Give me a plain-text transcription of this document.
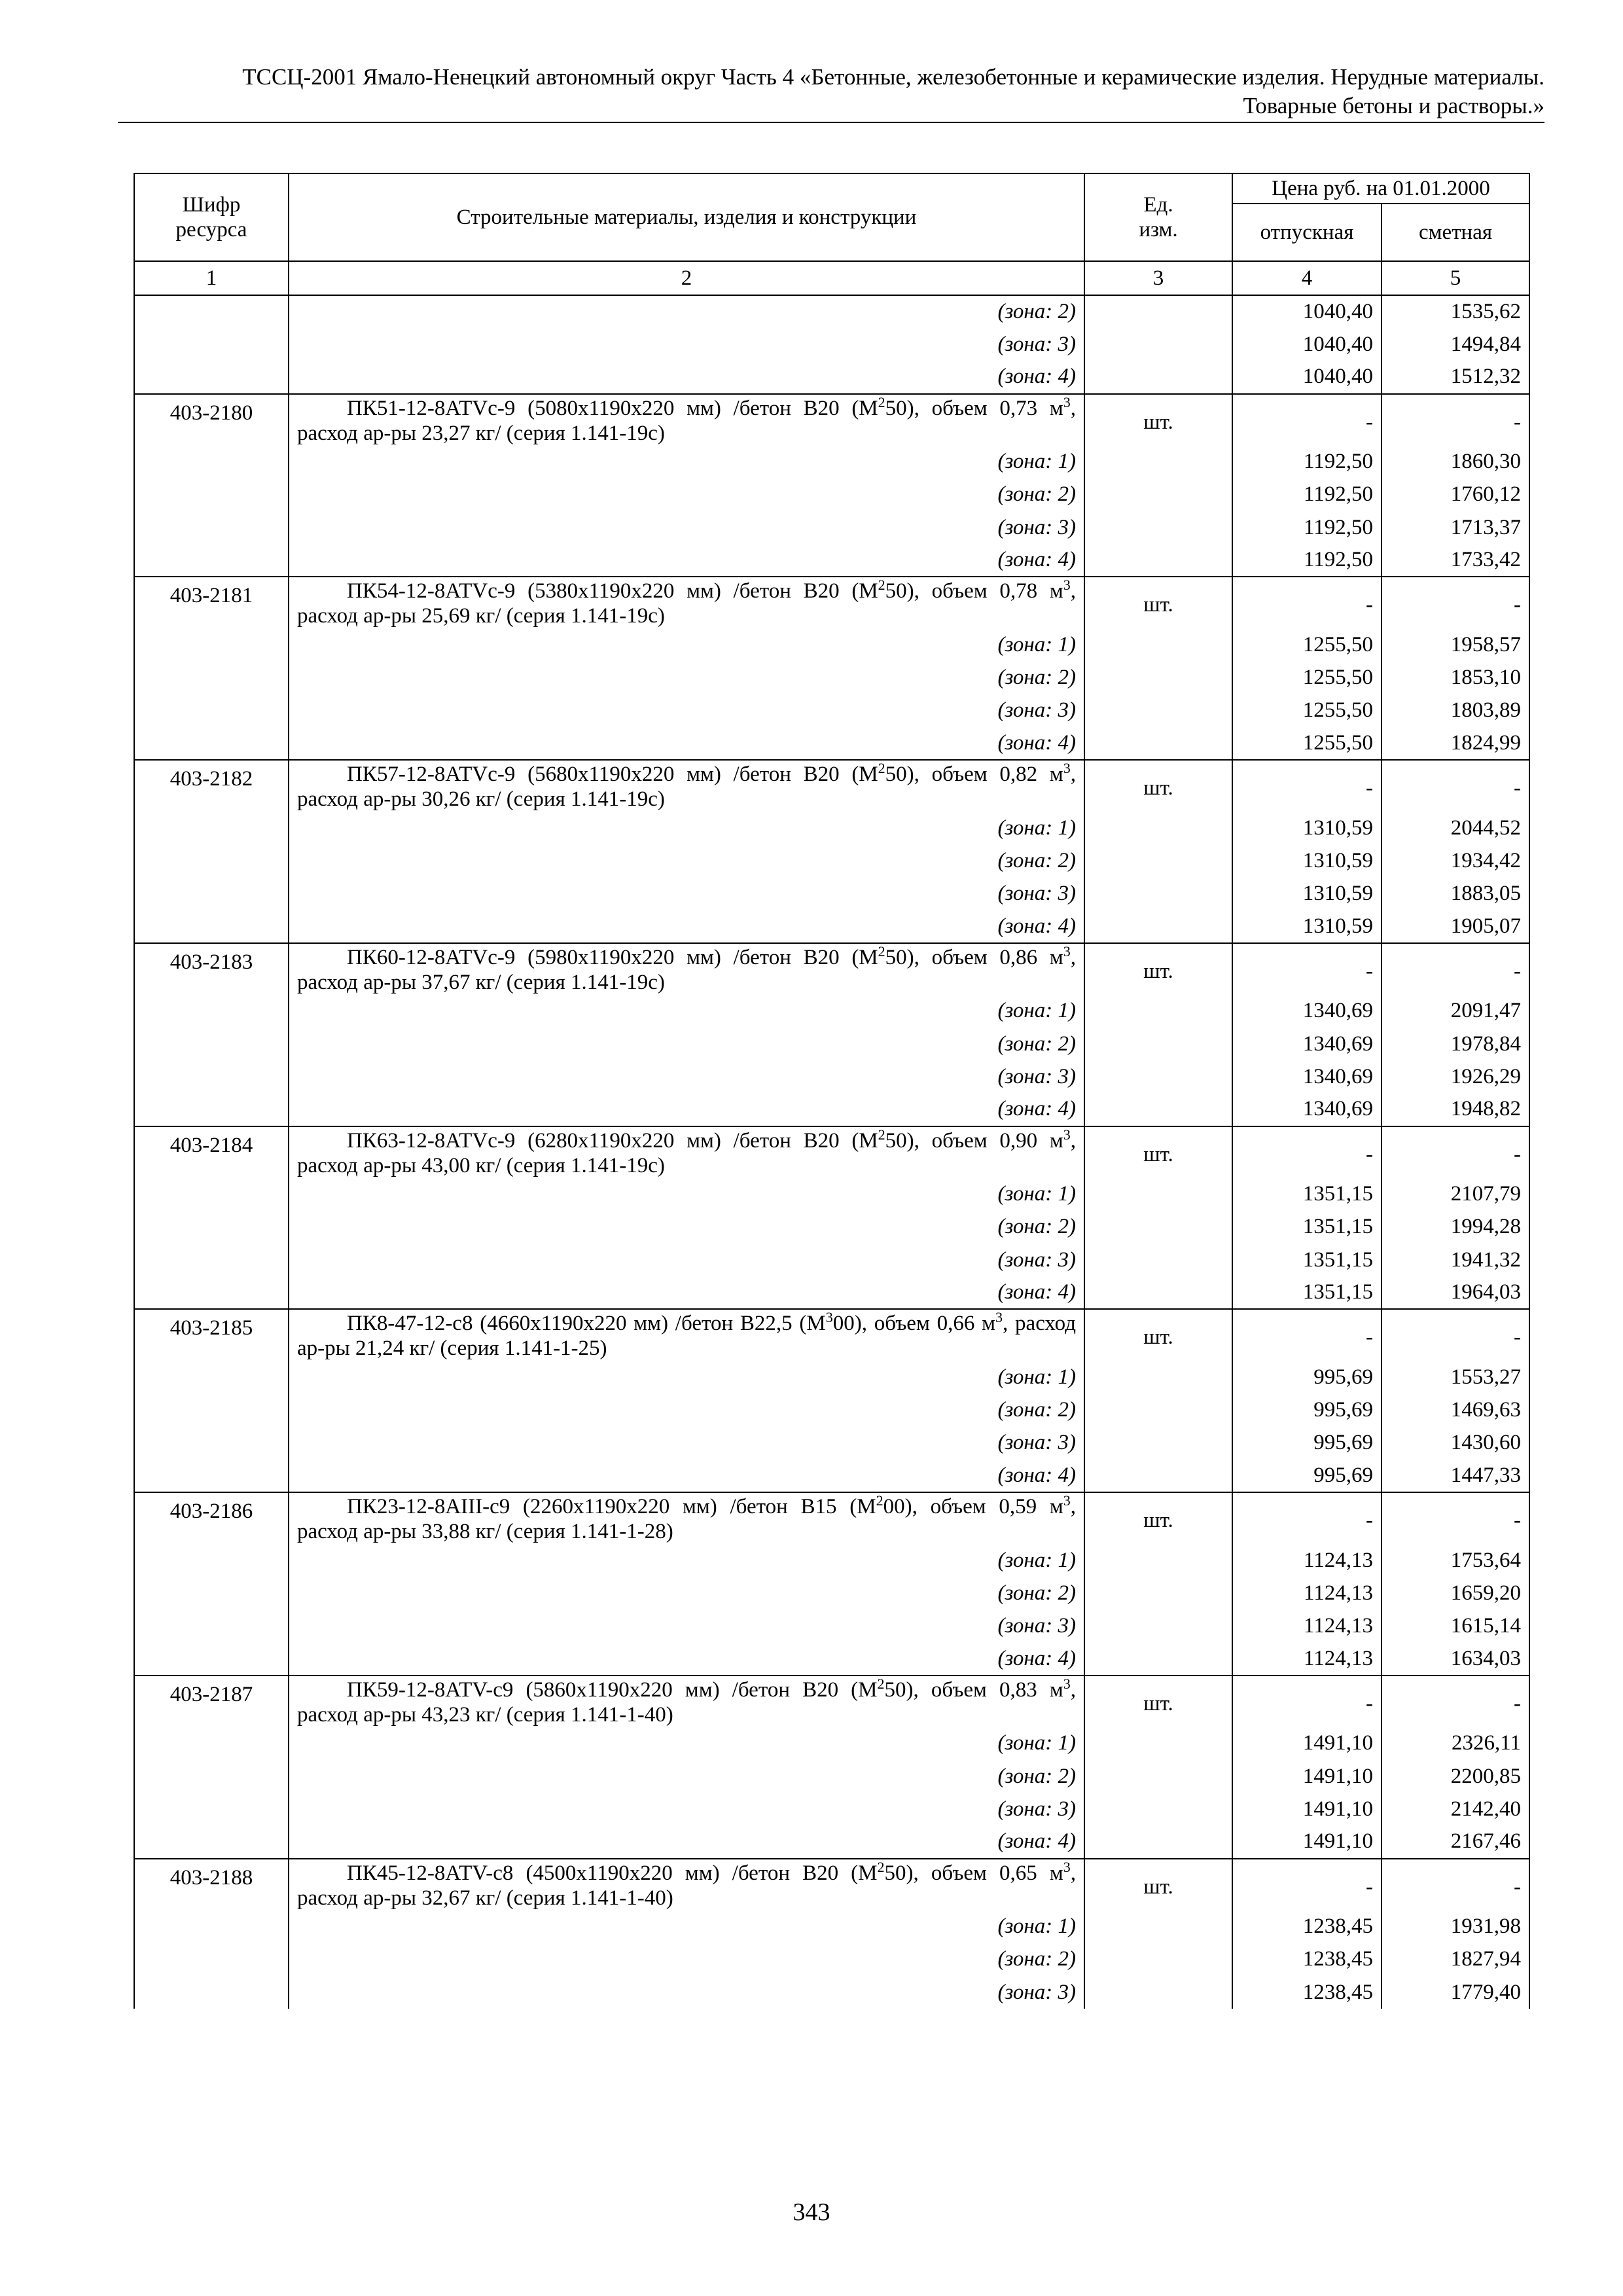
ТССЦ-2001 Ямало-Ненецкий автономный округ Часть 4 «Бетонные, железобетонные и керамические изделия. Нерудные материалы.
Товарные бетоны и растворы.»
Шифр ресурса	Строительные материалы, изделия и конструкции	Ед. изм.	Цена руб. на 01.01.2000	
			отпускная	сметная
1	2	3	4	5
	(зона: 2)		1040,40	1535,62
	(зона: 3)		1040,40	1494,84
	(зона: 4)		1040,40	1512,32
403-2180	ПК51-12-8АТVс-9 (5080х1190х220 мм) /бетон В20 $(М^250)$, объем 0,73 $м^3$, расход ар-ры 23,27 кг/ (серия 1.141-19с)	шт.	-	-
	(зона: 1)		1192,50	1860,30
	(зона: 2)		1192,50	1760,12
	(зона: 3)		1192,50	1713,37
	(зона: 4)		1192,50	1733,42
403-2181	ПК54-12-8АТVс-9 (5380х1190х220 мм) /бетон В20 $(М^250)$, объем 0,78 $м^3$, расход ар-ры 25,69 кг/ (серия 1.141-19с)	шт.	-	-
	(зона: 1)		1255,50	1958,57
	(зона: 2)		1255,50	1853,10
	(зона: 3)		1255,50	1803,89
	(зона: 4)		1255,50	1824,99
403-2182	ПК57-12-8АТVс-9 (5680х1190х220 мм) /бетон В20 $(М^250)$, объем 0,82 $м^3$, расход ар-ры 30,26 кг/ (серия 1.141-19с)	шт.	-	-
	(зона: 1)		1310,59	2044,52
	(зона: 2)		1310,59	1934,42
	(зона: 3)		1310,59	1883,05
	(зона: 4)		1310,59	1905,07
403-2183	ПК60-12-8АТVс-9 (5980х1190х220 мм) /бетон В20 $(М^250)$, объем 0,86 $м^3$, расход ар-ры 37,67 кг/ (серия 1.141-19с)	шт.	-	-
	(зона: 1)		1340,69	2091,47
	(зона: 2)		1340,69	1978,84
	(зона: 3)		1340,69	1926,29
	(зона: 4)		1340,69	1948,82
403-2184	ПК63-12-8АТVс-9 (6280х1190х220 мм) /бетон В20 $(М^250)$, объем 0,90 $м^3$, расход ар-ры 43,00 кг/ (серия 1.141-19с)	шт.	-	-
	(зона: 1)		1351,15	2107,79
	(зона: 2)		1351,15	1994,28
	(зона: 3)		1351,15	1941,32
	(зона: 4)		1351,15	1964,03
403-2185	ПК8-47-12-с8 (4660х1190х220 мм) /бетон В22,5 $(М^300)$, объем 0,66 $м^3$, расход ар-ры 21,24 кг/ (серия 1.141-1-25)	шт.	-	-
	(зона: 1)		995,69	1553,27
	(зона: 2)		995,69	1469,63
	(зона: 3)		995,69	1430,60
	(зона: 4)		995,69	1447,33
403-2186	ПК23-12-8АIII-с9 (2260х1190х220 мм) /бетон В15 $(М^200)$, объем 0,59 $м^3$, расход ар-ры 33,88 кг/ (серия 1.141-1-28)	шт.	-	-
	(зона: 1)		1124,13	1753,64
	(зона: 2)		1124,13	1659,20
	(зона: 3)		1124,13	1615,14
	(зона: 4)		1124,13	1634,03
403-2187	ПК59-12-8АТV-с9 (5860х1190х220 мм) /бетон В20 $(М^250)$, объем 0,83 $м^3$, расход ар-ры 43,23 кг/ (серия 1.141-1-40)	шт.	-	-
	(зона: 1)		1491,10	2326,11
	(зона: 2)		1491,10	2200,85
	(зона: 3)		1491,10	2142,40
	(зона: 4)		1491,10	2167,46
403-2188	ПК45-12-8АТV-с8 (4500х1190х220 мм) /бетон В20 $(М^250)$, объем 0,65 $м^3$, расход ар-ры 32,67 кг/ (серия 1.141-1-40)	шт.	-	-
	(зона: 1)		1238,45	1931,98
	(зона: 2)		1238,45	1827,94
	(зона: 3)		1238,45	1779,40
343
